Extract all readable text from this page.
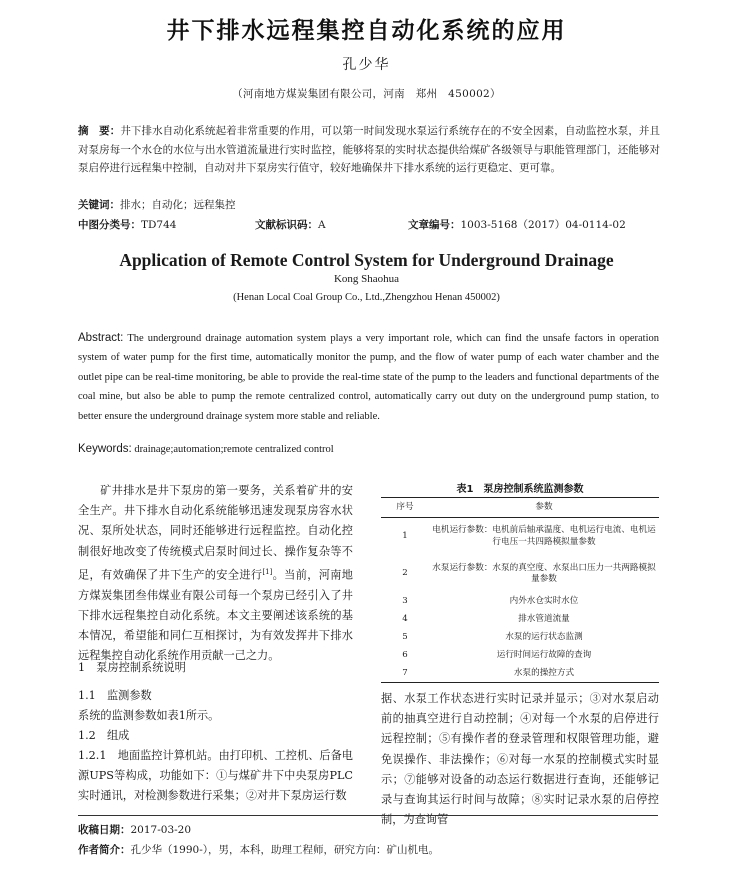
井下排水远程集控自动化系统的应用
孔少华
（河南地方煤炭集团有限公司，河南　郑州　450002）
摘　要：井下排水自动化系统起着非常重要的作用，可以第一时间发现水泵运行系统存在的不安全因素，自动监控水泵，并且对泵房每一个水仓的水位与出水管道流量进行实时监控，能够将泵的实时状态提供给煤矿各级领导与职能管理部门，还能够对泵启停进行远程集中控制，自动对井下泵房实行值守，较好地确保井下排水系统的运行更稳定、更可靠。
关键词：排水；自动化；远程集控
中图分类号：TD744	文献标识码：A	文章编号：1003-5168（2017）04-0114-02
Application of Remote Control System for Underground Drainage
Kong Shaohua
(Henan Local Coal Group Co., Ltd.,Zhengzhou Henan 450002)
Abstract: The underground drainage automation system plays a very important role, which can find the unsafe factors in operation system of water pump for the first time, automatically monitor the pump, and the flow of water pump of each water chamber and the outlet pipe can be real-time monitoring, be able to provide the real-time state of the pump to the leaders and functional departments of the coal mine, but also be able to pump the remote centralized control, automatically carry out duty on the underground pump station, to better ensure the underground drainage system more stable and reliable.
Keywords: drainage;automation;remote centralized control
矿井排水是井下泵房的第一要务，关系着矿井的安全生产。井下排水自动化系统能够迅速发现泵房容水状况、泵所处状态，同时还能够进行远程监控。自动化控制很好地改变了传统模式启泵时间过长、操作复杂等不足，有效确保了井下生产的安全进行[1]。当前，河南地方煤炭集团叁伟煤业有限公司每一个泵房已经引入了井下排水远程集控自动化系统。本文主要阐述该系统的基本情况，希望能和同仁互相探讨，为有效发挥井下排水远程集控自动化系统作用贡献一己之力。
1　泵房控制系统说明
1.1　监测参数
系统的监测参数如表1所示。
1.2　组成
1.2.1　地面监控计算机站。由打印机、工控机、后备电源UPS等构成，功能如下：①与煤矿井下中央泵房PLC实时通讯，对检测参数进行采集；②对井下泵房运行数
表1　泵房控制系统监测参数
序号	参数
1	电机运行参数：电机前后轴承温度、电机运行电流、电机运行电压一共四路模拟量参数
2	水泵运行参数：水泵的真空度、水泵出口压力一共两路模拟量参数
3	内外水仓实时水位
4	排水管道流量
5	水泵的运行状态监测
6	运行时间运行故障的查询
7	水泵的操控方式
据、水泵工作状态进行实时记录并显示；③对水泵启动前的抽真空进行自动控制；④对每一个水泵的启停进行远程控制；⑤有操作者的登录管理和权限管理功能，避免误操作、非法操作；⑥对每一水泵的控制模式实时显示；⑦能够对设备的动态运行数据进行查询，还能够记录与查询其运行时间与故障；⑧实时记录水泵的启停控制，为查询管
收稿日期：2017-03-20
作者简介：孔少华（1990-），男，本科，助理工程师，研究方向：矿山机电。
